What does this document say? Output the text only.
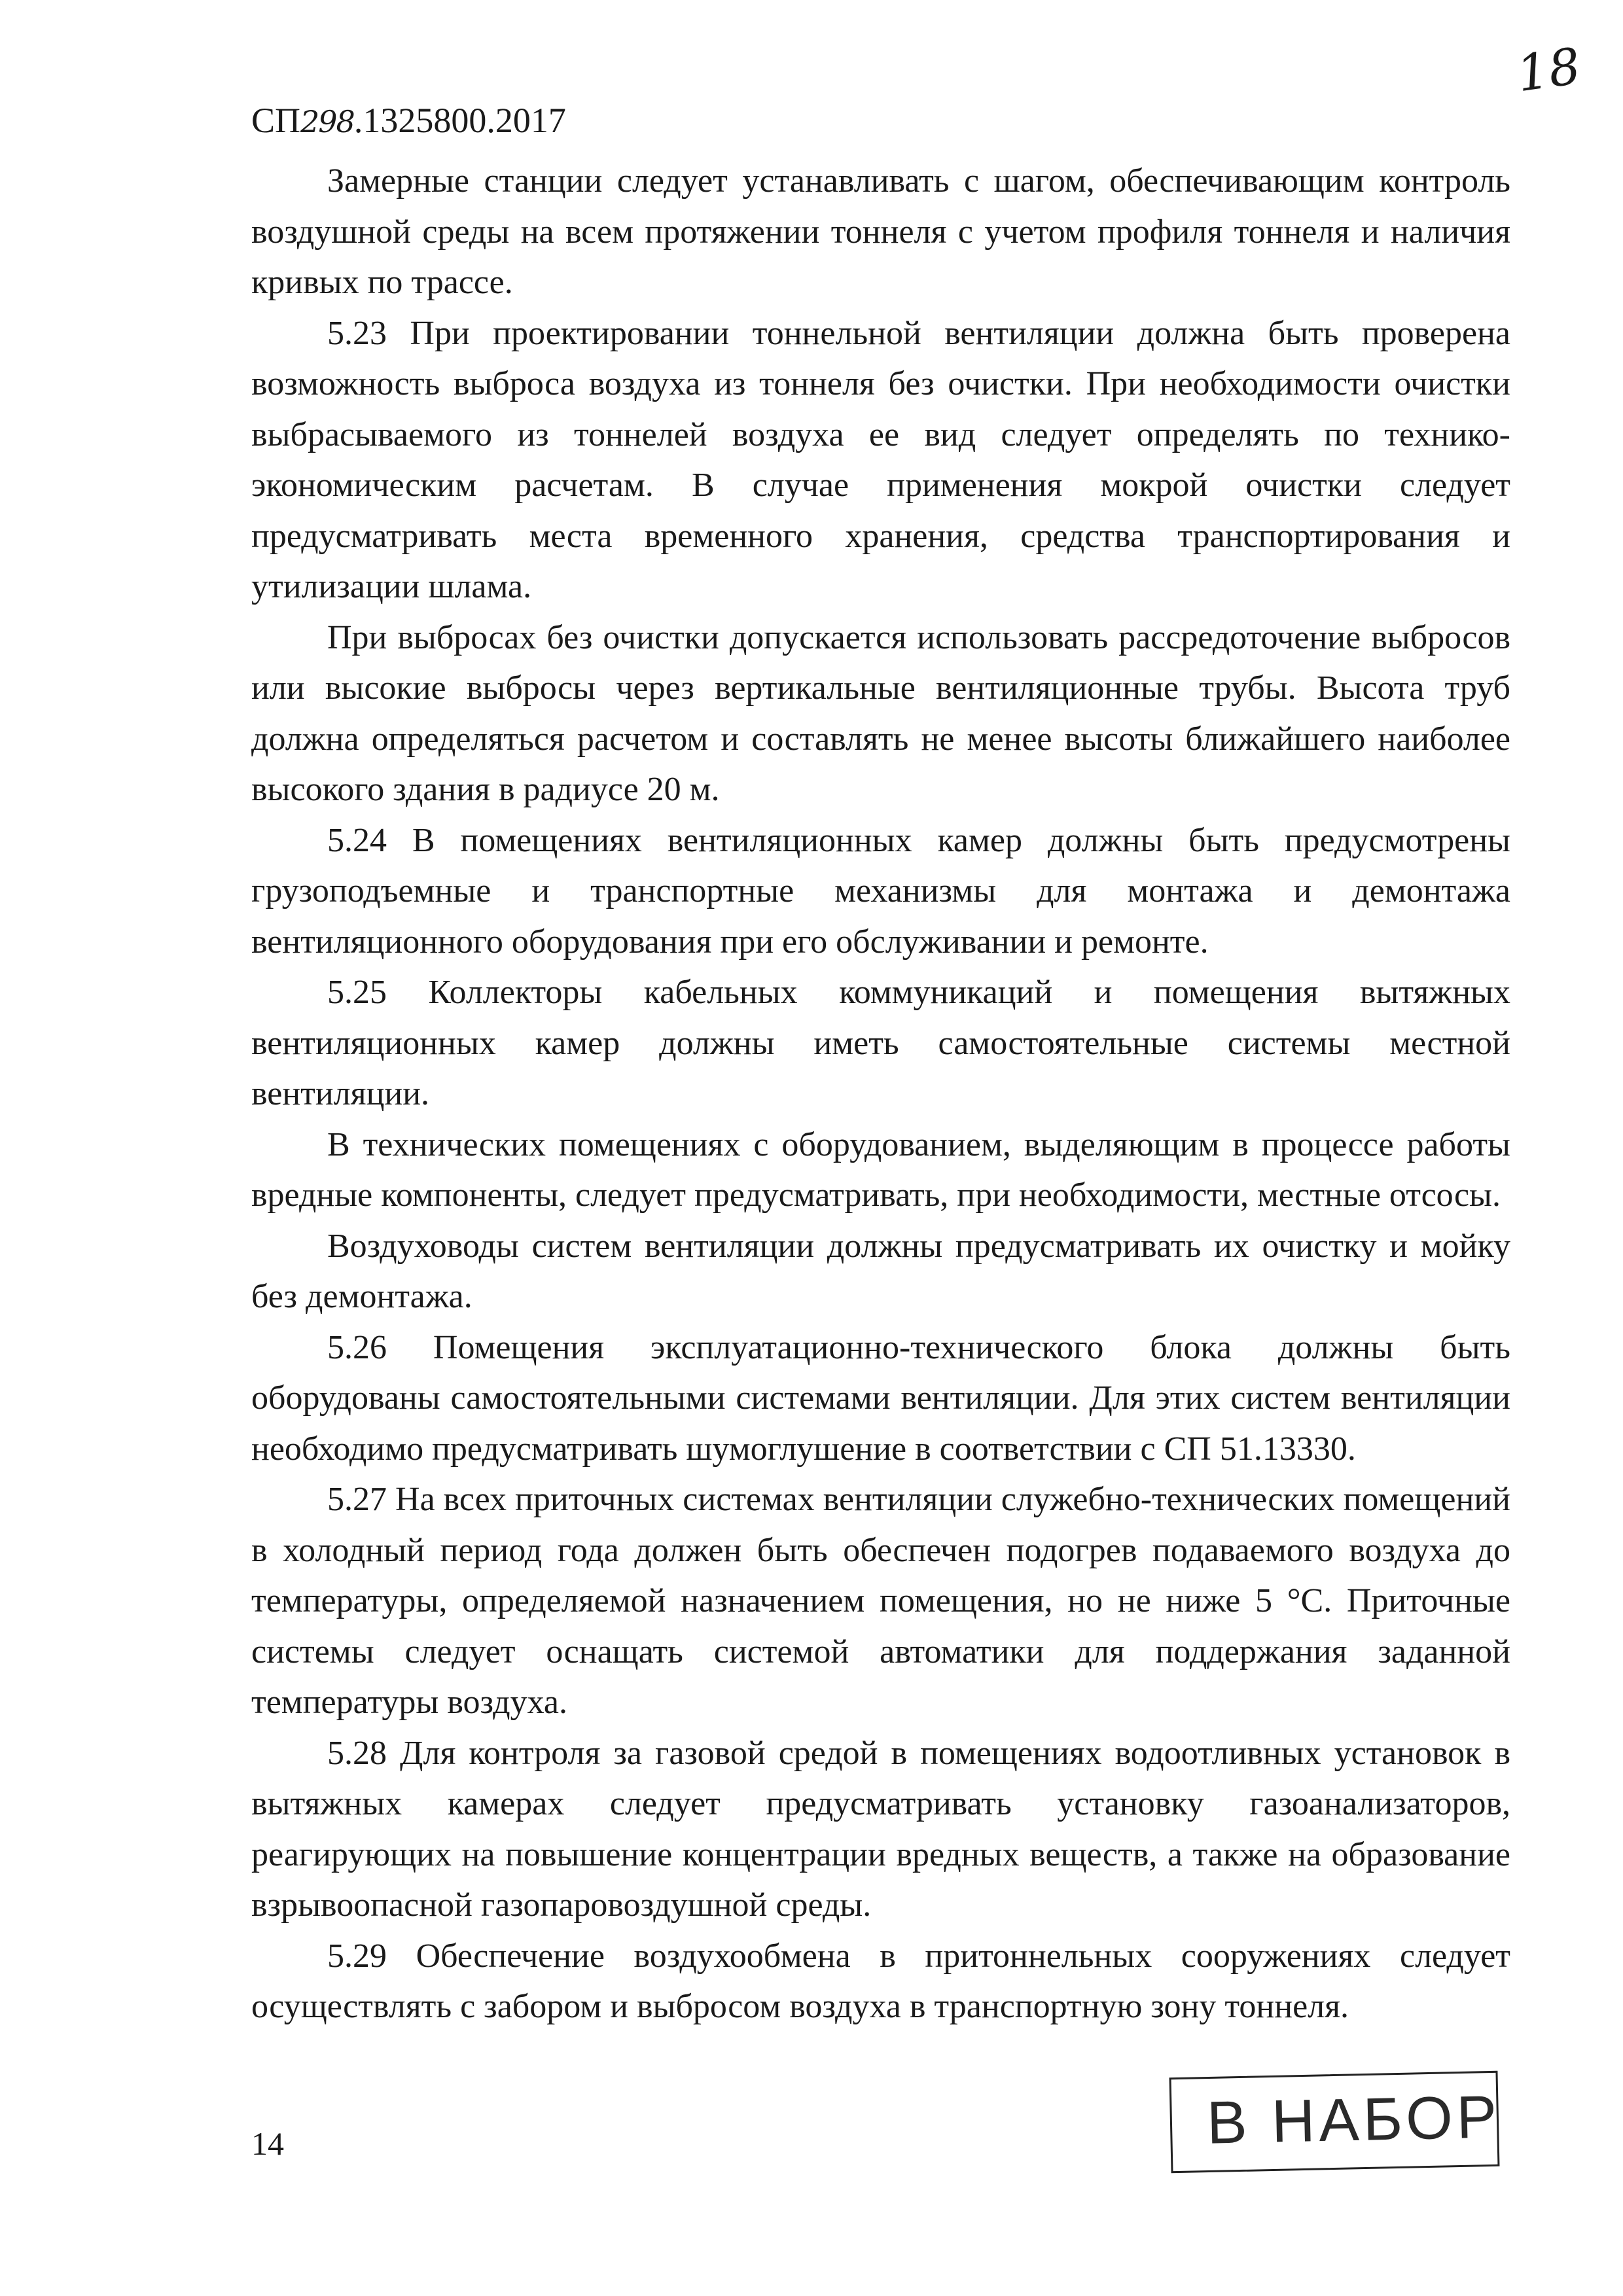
18
СП298.1325800.2017

Замерные станции следует устанавливать с шагом, обеспечивающим контроль воздушной среды на всем протяжении тоннеля с учетом профиля тоннеля и наличия кривых по трассе.

5.23 При проектировании тоннельной вентиляции должна быть проверена возможность выброса воздуха из тоннеля без очистки. При необходимости очистки выбрасываемого из тоннелей воздуха ее вид следует определять по технико-экономическим расчетам. В случае применения мокрой очистки следует предусматривать места временного хранения, средства транспортирования и утилизации шлама.

При выбросах без очистки допускается использовать рассредоточение выбросов или высокие выбросы через вертикальные вентиляционные трубы. Высота труб должна определяться расчетом и составлять не менее высоты ближайшего наиболее высокого здания в радиусе 20 м.

5.24 В помещениях вентиляционных камер должны быть предусмотрены грузоподъемные и транспортные механизмы для монтажа и демонтажа вентиляционного оборудования при его обслуживании и ремонте.

5.25 Коллекторы кабельных коммуникаций и помещения вытяжных вентиляционных камер должны иметь самостоятельные системы местной вентиляции.

В технических помещениях с оборудованием, выделяющим в процессе работы вредные компоненты, следует предусматривать, при необходимости, местные отсосы.

Воздуховоды систем вентиляции должны предусматривать их очистку и мойку без демонтажа.

5.26 Помещения эксплуатационно-технического блока должны быть оборудованы самостоятельными системами вентиляции. Для этих систем вентиляции необходимо предусматривать шумоглушение в соответствии с СП 51.13330.

5.27 На всех приточных системах вентиляции служебно-технических помещений в холодный период года должен быть обеспечен подогрев подаваемого воздуха до температуры, определяемой назначением помещения, но не ниже 5 °С. Приточные системы следует оснащать системой автоматики для поддержания заданной температуры воздуха.

5.28 Для контроля за газовой средой в помещениях водоотливных установок в вытяжных камерах следует предусматривать установку газоанализаторов, реагирующих на повышение концентрации вредных веществ, а также на образование взрывоопасной газопаровоздушной среды.

5.29 Обеспечение воздухообмена в притоннельных сооружениях следует осуществлять с забором и выбросом воздуха в транспортную зону тоннеля.

14	В НАБОР
